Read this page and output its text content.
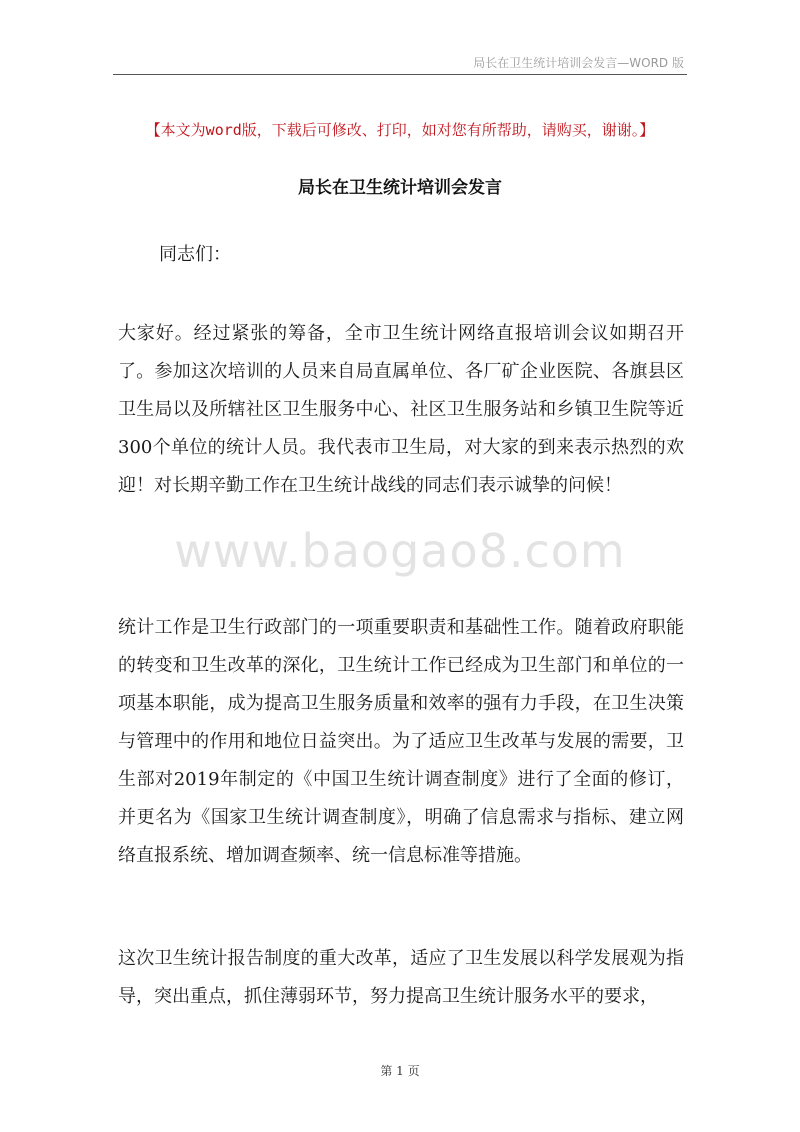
局长在卫生统计培训会发言—WORD 版
【本文为word版，下载后可修改、打印，如对您有所帮助，请购买，谢谢。】
局长在卫生统计培训会发言
同志们：

大家好。经过紧张的筹备，全市卫生统计网络直报培训会议如期召开了。参加这次培训的人员来自局直属单位、各厂矿企业医院、各旗县区卫生局以及所辖社区卫生服务中心、社区卫生服务站和乡镇卫生院等近300个单位的统计人员。我代表市卫生局，对大家的到来表示热烈的欢迎！对长期辛勤工作在卫生统计战线的同志们表示诚挚的问候！

www.baogao8.com

统计工作是卫生行政部门的一项重要职责和基础性工作。随着政府职能的转变和卫生改革的深化，卫生统计工作已经成为卫生部门和单位的一项基本职能，成为提高卫生服务质量和效率的强有力手段，在卫生决策与管理中的作用和地位日益突出。为了适应卫生改革与发展的需要，卫生部对2019年制定的《中国卫生统计调查制度》进行了全面的修订，并更名为《国家卫生统计调查制度》，明确了信息需求与指标、建立网络直报系统、增加调查频率、统一信息标准等措施。

这次卫生统计报告制度的重大改革，适应了卫生发展以科学发展观为指导，突出重点，抓住薄弱环节，努力提高卫生统计服务水平的要求，

第 1 页
